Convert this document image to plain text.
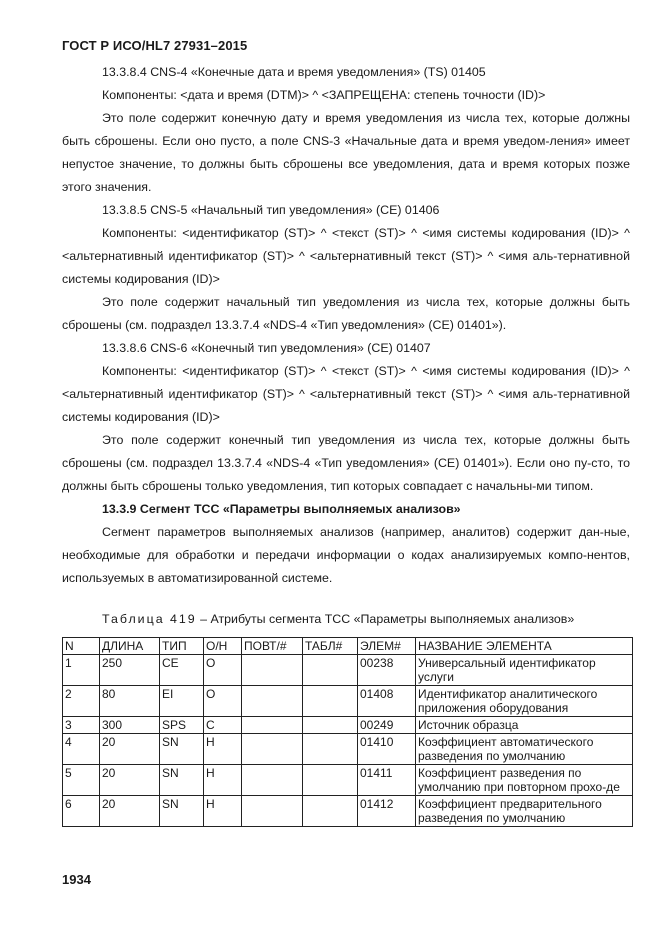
ГОСТ Р ИСО/HL7 27931–2015

13.3.8.4 CNS-4 «Конечные дата и время уведомления» (TS) 01405

Компоненты: <дата и время (DTM)> ^ <ЗАПРЕЩЕНА: степень точности (ID)>

Это поле содержит конечную дату и время уведомления из числа тех, которые должны быть сброшены. Если оно пусто, а поле CNS-3 «Начальные дата и время уведом-ления» имеет непустое значение, то должны быть сброшены все уведомления, дата и время которых позже этого значения.

13.3.8.5 CNS-5 «Начальный тип уведомления» (CE) 01406

Компоненты: <идентификатор (ST)> ^ <текст (ST)> ^ <имя системы кодирования (ID)> ^ <альтернативный идентификатор (ST)> ^ <альтернативный текст (ST)> ^ <имя аль-тернативной системы кодирования (ID)>

Это поле содержит начальный тип уведомления из числа тех, которые должны быть сброшены (см. подраздел 13.3.7.4 «NDS-4 «Тип уведомления» (CE) 01401»).

13.3.8.6 CNS-6 «Конечный тип уведомления» (CE) 01407

Компоненты: <идентификатор (ST)> ^ <текст (ST)> ^ <имя системы кодирования (ID)> ^ <альтернативный идентификатор (ST)> ^ <альтернативный текст (ST)> ^ <имя аль-тернативной системы кодирования (ID)>

Это поле содержит конечный тип уведомления из числа тех, которые должны быть сброшены (см. подраздел 13.3.7.4 «NDS-4 «Тип уведомления» (CE) 01401»). Если оно пу-сто, то должны быть сброшены только уведомления, тип которых совпадает с начальны-ми типом.

13.3.9 Сегмент TCC «Параметры выполняемых анализов»

Сегмент параметров выполняемых анализов (например, аналитов) содержит дан-ные, необходимые для обработки и передачи информации о кодах анализируемых компо-нентов, используемых в автоматизированной системе.

Таблица 419 – Атрибуты сегмента TCC «Параметры выполняемых анализов»
N	ДЛИНА	ТИП	О/Н	ПОВТ/#	ТАБЛ#	ЭЛЕМ#	НАЗВАНИЕ ЭЛЕМЕНТА
1	250	CE	О			00238	Универсальный идентификатор услуги
2	80	EI	О			01408	Идентификатор аналитического приложения оборудования
3	300	SPS	С			00249	Источник образца
4	20	SN	Н			01410	Коэффициент автоматического разведения по умолчанию
5	20	SN	Н			01411	Коэффициент разведения по умолчанию при повторном прохо-де
6	20	SN	Н			01412	Коэффициент предварительного разведения по умолчанию
1934
